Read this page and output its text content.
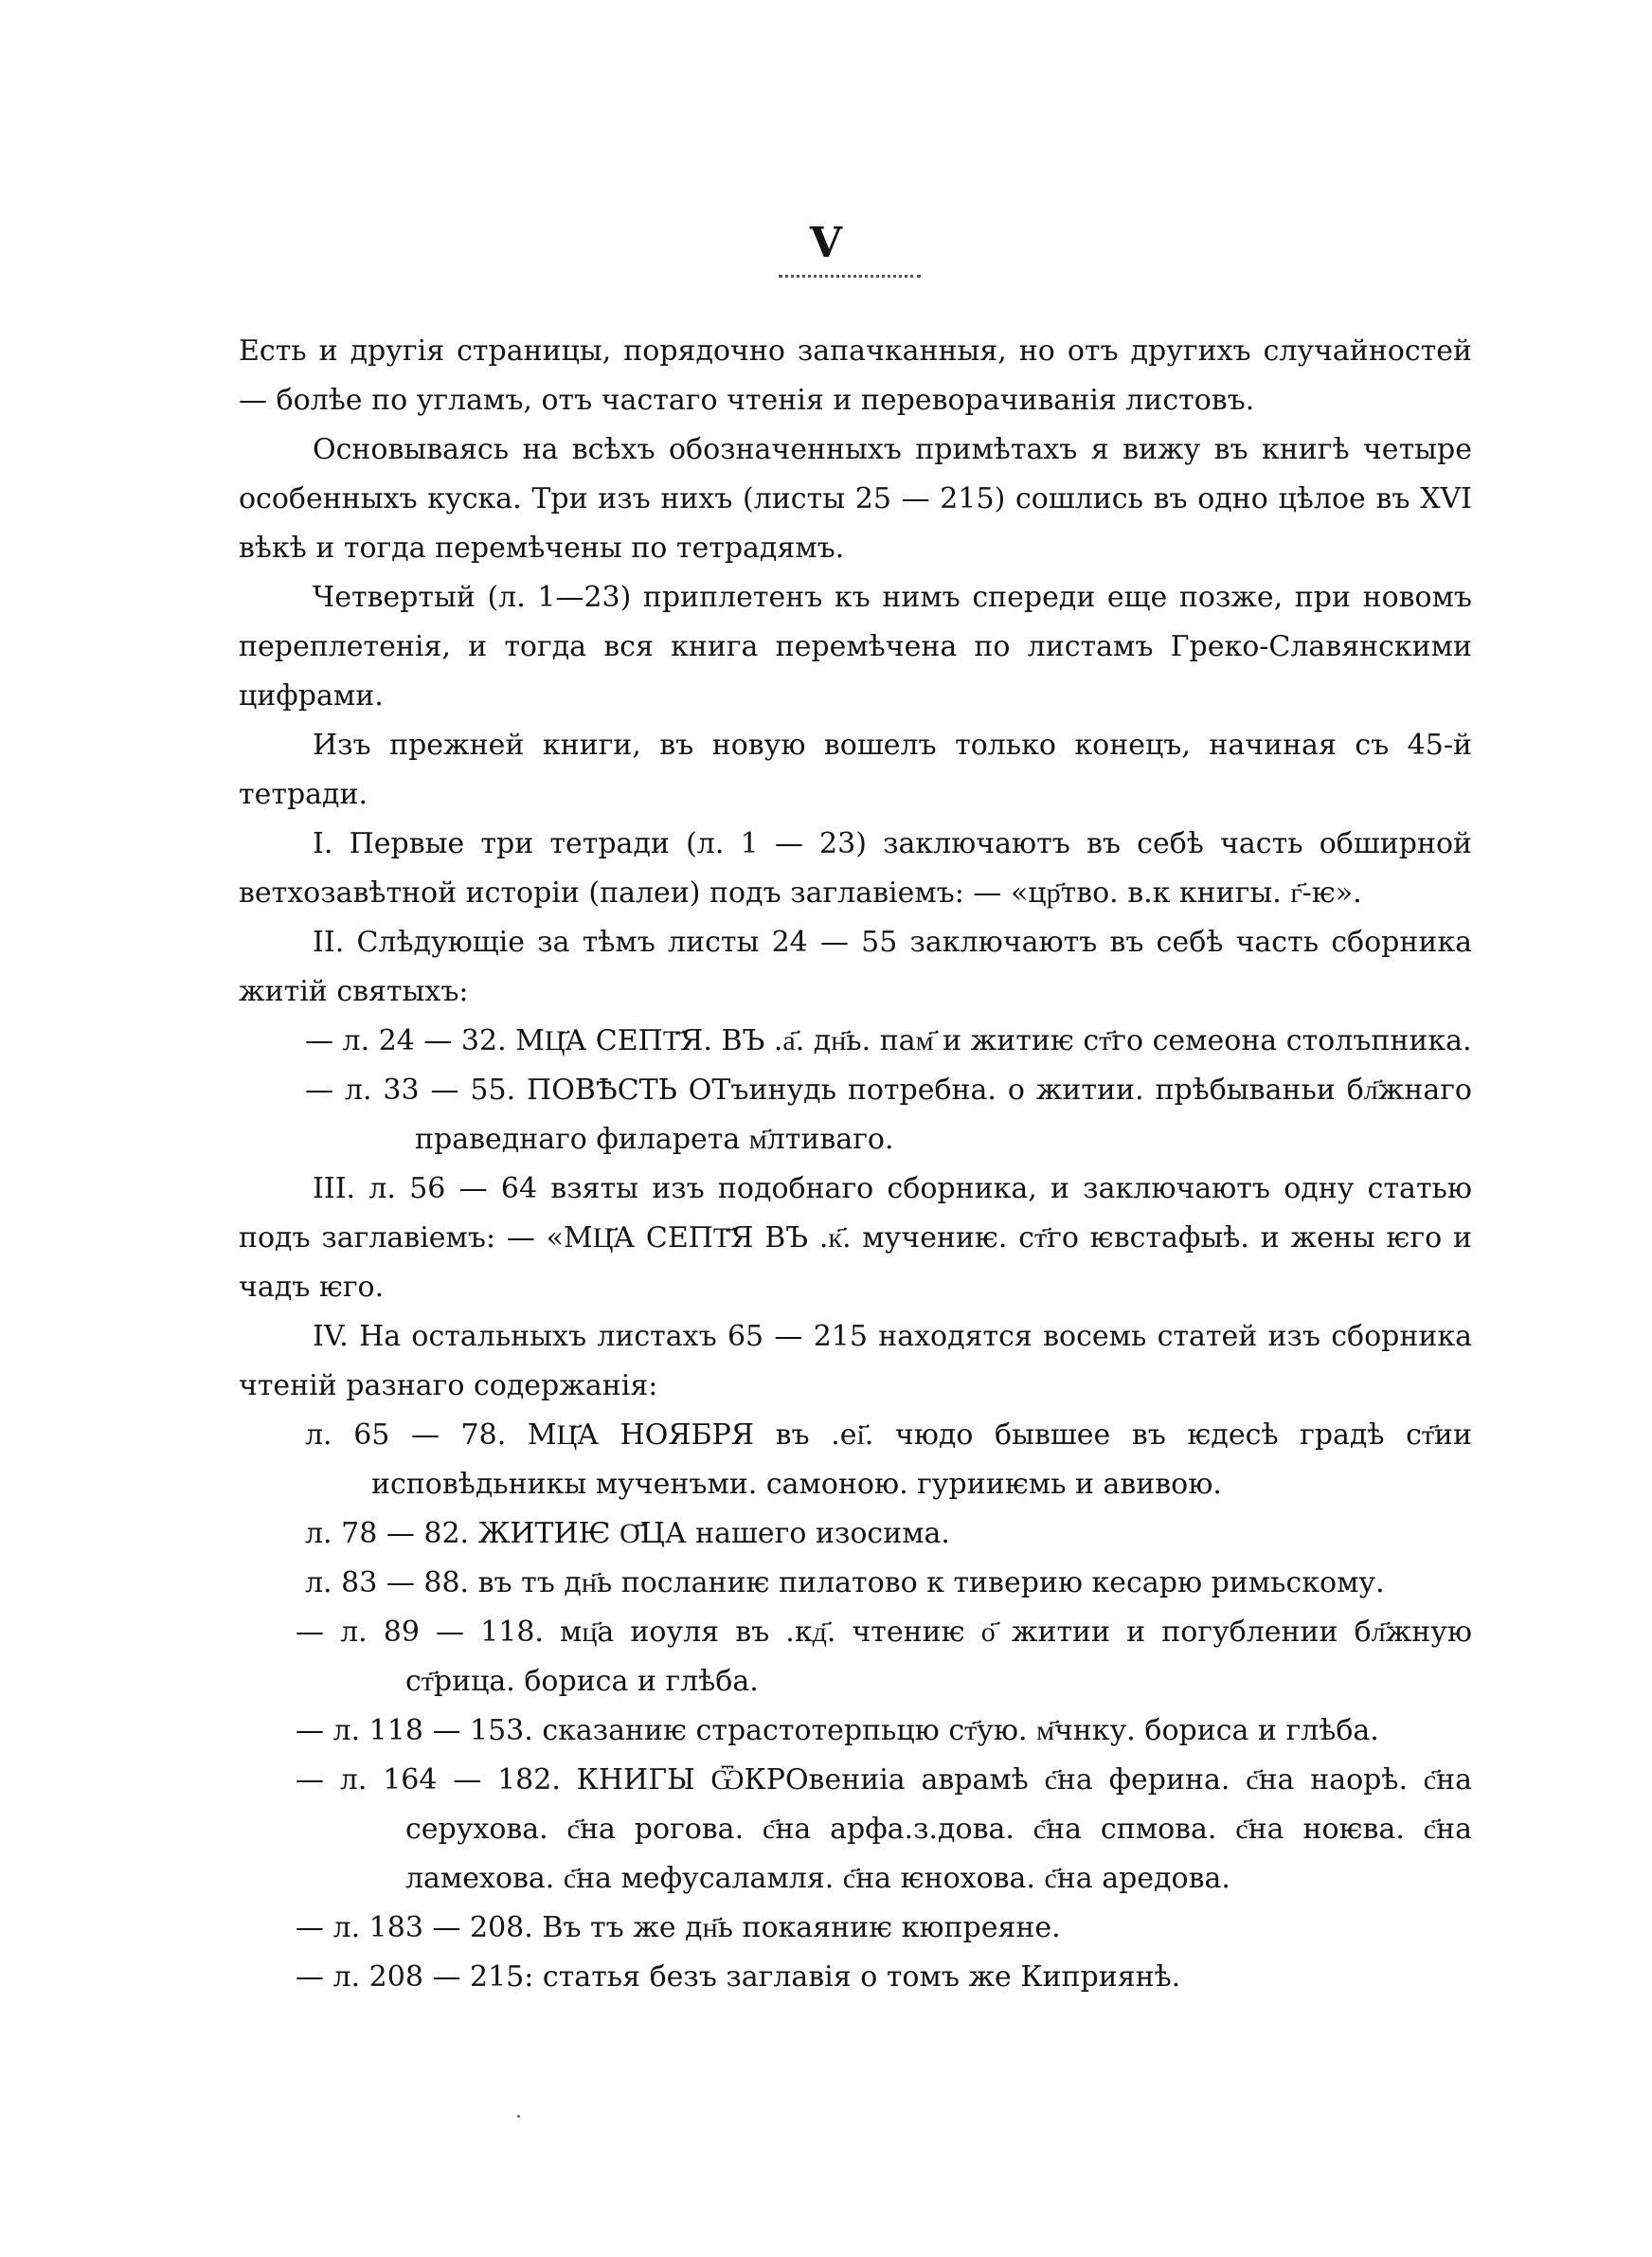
V

Есть и другія страницы, порядочно запачканныя, но отъ другихъ случайностей — болѣе по угламъ, отъ частаго чтенія и переворачиванія листовъ.

Основываясь на всѣхъ обозначенныхъ примѣтахъ я вижу въ книгѣ четыре особенныхъ куска. Три изъ нихъ (листы 25 — 215) сошлись въ одно цѣлое въ XVI вѣкѣ и тогда перемѣчены по тетрадямъ.

Четвертый (л. 1—23) приплетенъ къ нимъ спереди еще позже, при новомъ переплетенія, и тогда вся книга перемѣчена по листамъ Греко-Славянскими цифрами.

Изъ прежней книги, въ новую вошелъ только конецъ, начиная съ 45-й тетради.

I. Первые три тетради (л. 1 — 23) заключаютъ въ себѣ часть обширной ветхозавѣтной исторіи (палеи) подъ заглавіемъ: — «цр҃тво. в.к книгы. г҃-ѥ».

II. Слѣдующіе за тѣмъ листы 24 — 55 заключаютъ въ себѣ часть сборника житій святыхъ:

— л. 24 — 32. МЦ҃А СЕПТ҃Я. ВЪ .а҃. дн҃ь. пам҃ и житиѥ ст҃го семеона столъпника.

— л. 33 — 55. ПОВѢСТЬ ОТъинудь потребна. о житии. прѣбываньи бл҃жнаго праведнаго филарета м҃лтиваго.

III. л. 56 — 64 взяты изъ подобнаго сборника, и заключаютъ одну статью подъ заглавіемъ: — «МЦ҃А СЕПТ҃Я ВЪ .к҃. мучениѥ. ст҃го ѥвстафыѣ. и жены ѥго и чадъ ѥго.

IV. На остальныхъ листахъ 65 — 215 находятся восемь статей изъ сборника чтеній разнаго содержанія:

л. 65 — 78. МЦ҃А НОЯБРЯ въ .еі҃. чюдо бывшее въ ѥдесѣ градѣ ст҃ии исповѣдьникы мученъми. самоною. гурииѥмь и авивою.

л. 78 — 82. ЖИТИѤ О҃ЦА нашего изосима.

л. 83 — 88. въ тъ дн҃ь посланиѥ пилатово к тиверию кесарю римьскому.

— л. 89 — 118. мц҃а иоуля въ .кд҃. чтениѥ о҃ житии и погублении бл҃жную ст҃рица. бориса и глѣба.

— л. 118 — 153. сказаниѥ страстотерпьцю ст҃ую. м҃чнку. бориса и глѣба.

— л. 164 — 182. КНИГЫ ѾКРОвениіа аврамѣ с҃на ферина. с҃на наорѣ. с҃на серухова. с҃на рогова. с҃на арфа.з.дова. с҃на спмова. с҃на ноѥва. с҃на ламехова. с҃на мефусаламля. с҃на ѥнохова. с҃на аредова.

— л. 183 — 208. Въ тъ же дн҃ь покаяниѥ кюпреяне.

— л. 208 — 215: статья безъ заглавія о томъ же Киприянѣ.
